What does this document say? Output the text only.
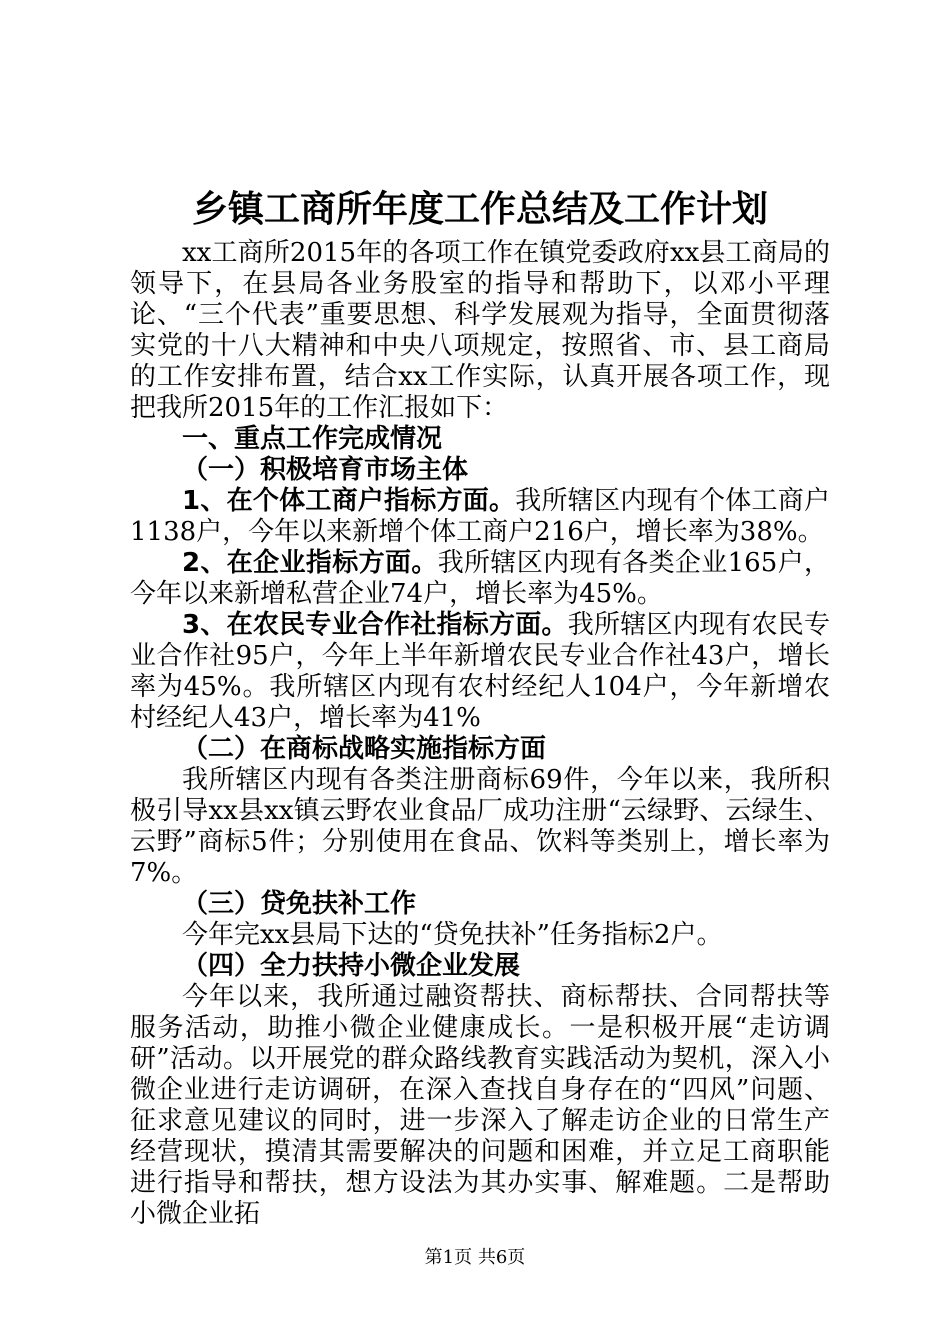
乡镇工商所年度工作总结及工作计划

xx工商所2015年的各项工作在镇党委政府xx县工商局的领导下，在县局各业务股室的指导和帮助下，以邓小平理论、“三个代表”重要思想、科学发展观为指导，全面贯彻落实党的十八大精神和中央八项规定，按照省、市、县工商局的工作安排布置，结合xx工作实际，认真开展各项工作，现把我所2015年的工作汇报如下：

一、重点工作完成情况

（一）积极培育市场主体

1、在个体工商户指标方面。我所辖区内现有个体工商户1138户，今年以来新增个体工商户216户，增长率为38%。

2、在企业指标方面。我所辖区内现有各类企业165户，今年以来新增私营企业74户，增长率为45%。

3、在农民专业合作社指标方面。我所辖区内现有农民专业合作社95户，今年上半年新增农民专业合作社43户，增长率为45%。我所辖区内现有农村经纪人104户，今年新增农村经纪人43户，增长率为41%

（二）在商标战略实施指标方面

我所辖区内现有各类注册商标69件，今年以来，我所积极引导xx县xx镇云野农业食品厂成功注册“云绿野、云绿生、云野”商标5件；分别使用在食品、饮料等类别上，增长率为7%。

（三）贷免扶补工作

今年完xx县局下达的“贷免扶补”任务指标2户。

（四）全力扶持小微企业发展

今年以来，我所通过融资帮扶、商标帮扶、合同帮扶等服务活动，助推小微企业健康成长。一是积极开展“走访调研”活动。以开展党的群众路线教育实践活动为契机，深入小微企业进行走访调研，在深入查找自身存在的“四风”问题、征求意见建议的同时，进一步深入了解走访企业的日常生产经营现状，摸清其需要解决的问题和困难，并立足工商职能进行指导和帮扶，想方设法为其办实事、解难题。二是帮助小微企业拓

第1页 共6页
